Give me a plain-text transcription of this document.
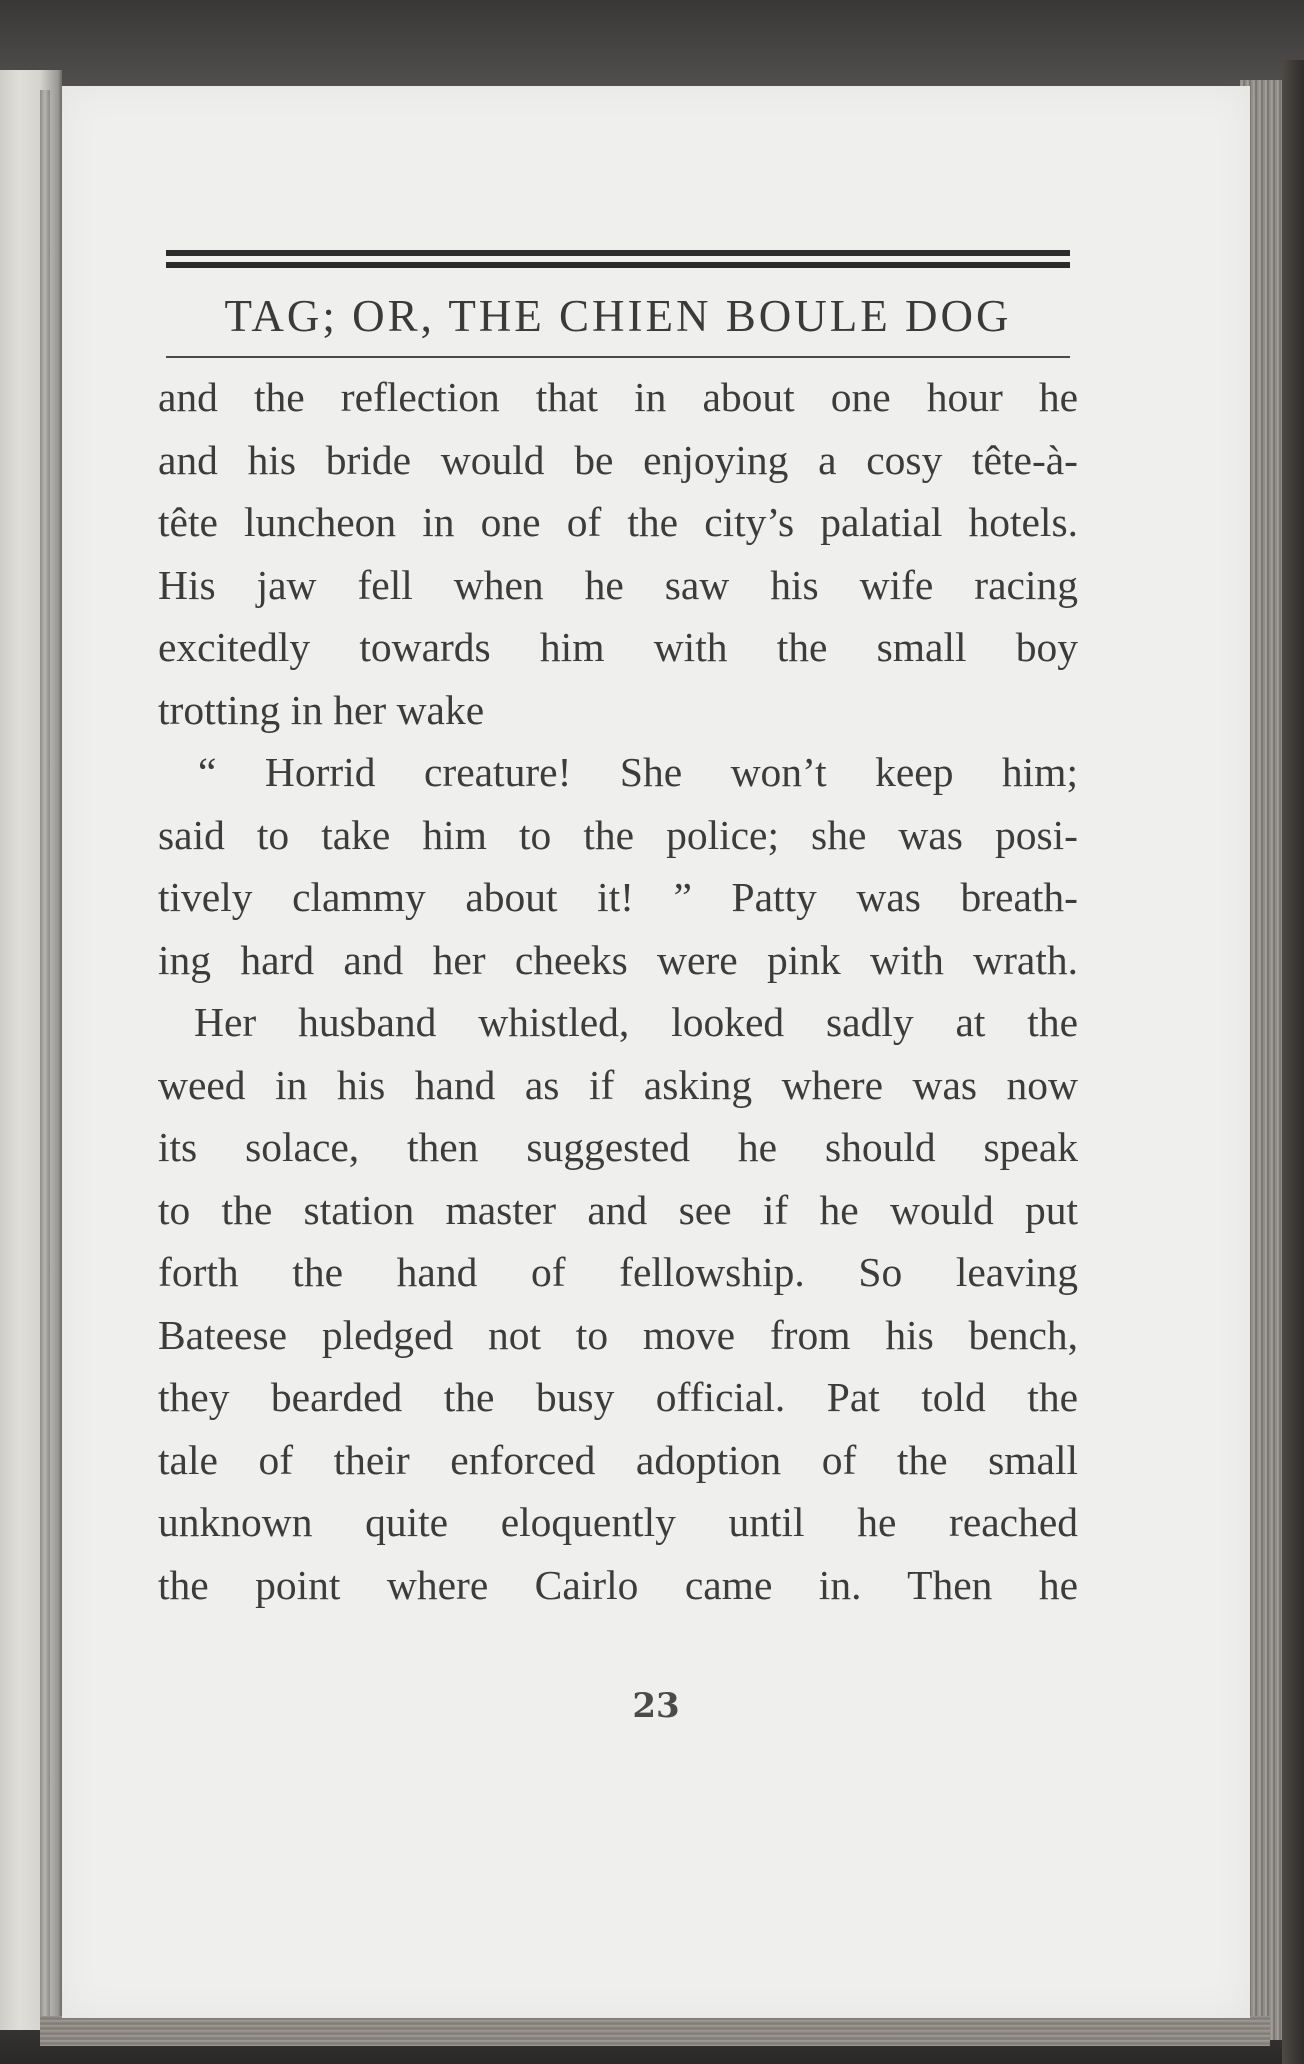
TAG; OR, THE CHIEN BOULE DOG
and the reflection that in about one hour he
and his bride would be enjoying a cosy tête-à-
tête luncheon in one of the city’s palatial hotels.
His jaw fell when he saw his wife racing
excitedly towards him with the small boy
trotting in her wake
“ Horrid creature! She won’t keep him;
said to take him to the police; she was posi-
tively clammy about it! ” Patty was breath-
ing hard and her cheeks were pink with wrath.
Her husband whistled, looked sadly at the
weed in his hand as if asking where was now
its solace, then suggested he should speak
to the station master and see if he would put
forth the hand of fellowship. So leaving
Bateese pledged not to move from his bench,
they bearded the busy official. Pat told the
tale of their enforced adoption of the small
unknown quite eloquently until he reached
the point where Cairlo came in. Then he
23
